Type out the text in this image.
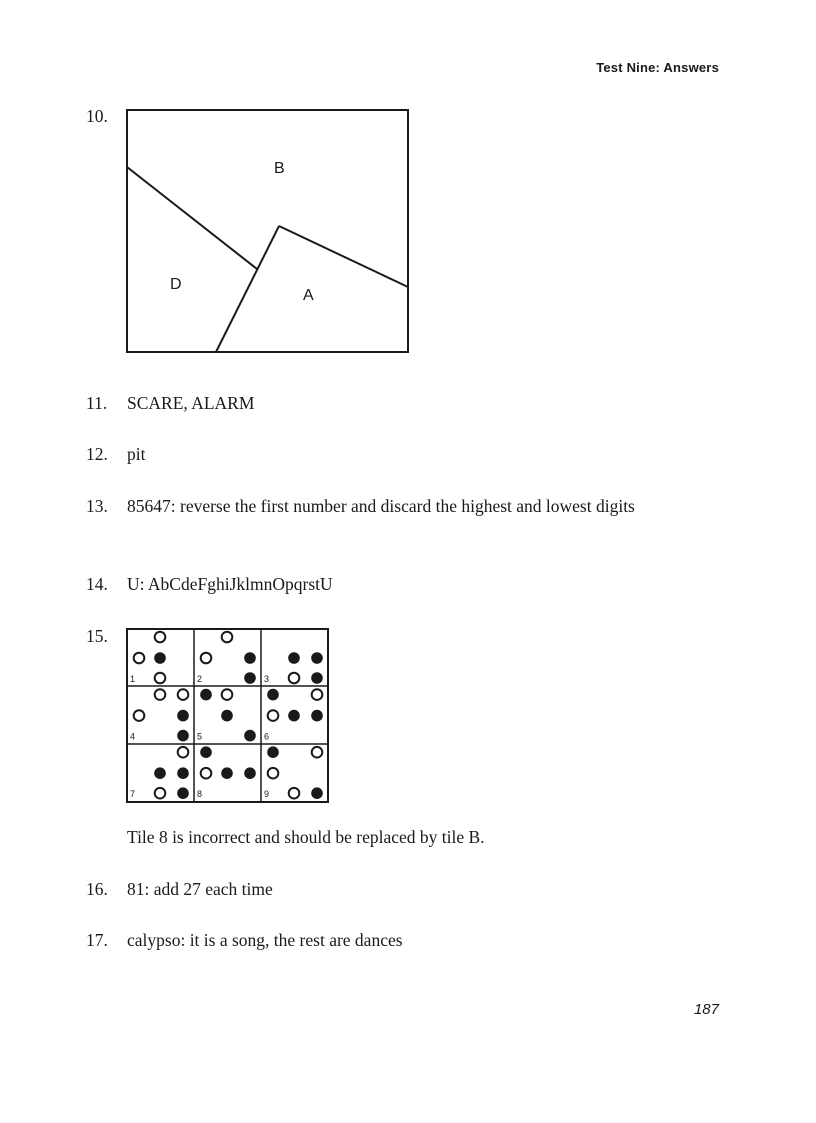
Test Nine: Answers
10.
B
D
A
11. SCARE, ALARM
12. pit
13. 85647: reverse the first number and discard the highest and lowest digits
14. U: AbCdeFghiJklmnOpqrstU
15.
1	2	3
4	5	6
7	8	9
Tile 8 is incorrect and should be replaced by tile B.
16. 81: add 27 each time
17. calypso: it is a song, the rest are dances
187
